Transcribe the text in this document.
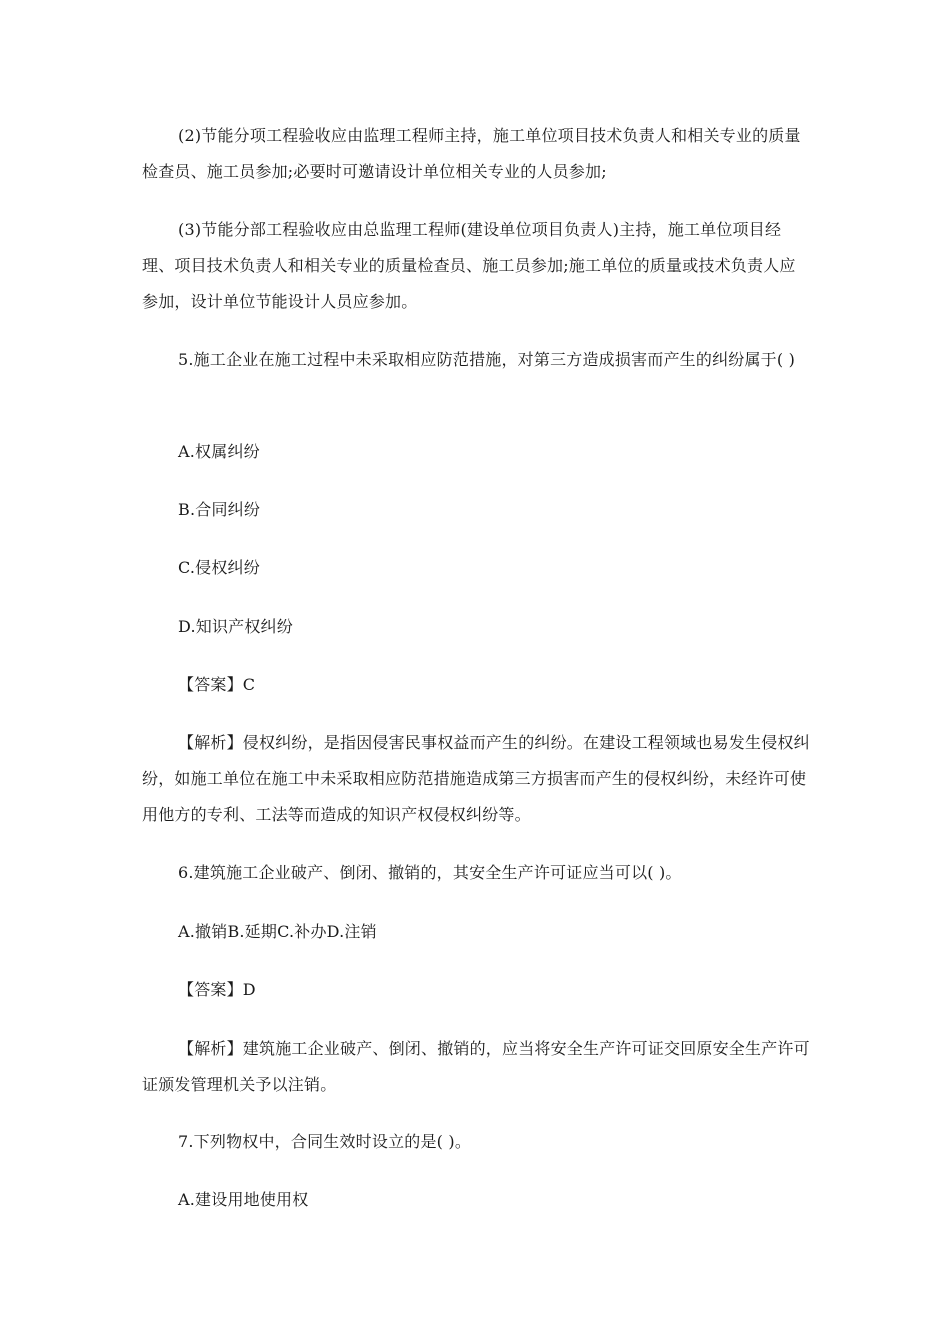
(2)节能分项工程验收应由监理工程师主持，施工单位项目技术负责人和相关专业的质量检查员、施工员参加;必要时可邀请设计单位相关专业的人员参加;

(3)节能分部工程验收应由总监理工程师(建设单位项目负责人)主持，施工单位项目经理、项目技术负责人和相关专业的质量检查员、施工员参加;施工单位的质量或技术负责人应参加，设计单位节能设计人员应参加。

5.施工企业在施工过程中未采取相应防范措施，对第三方造成损害而产生的纠纷属于( )

A.权属纠纷

B.合同纠纷

C.侵权纠纷

D.知识产权纠纷

【答案】C

【解析】侵权纠纷，是指因侵害民事权益而产生的纠纷。在建设工程领域也易发生侵权纠纷，如施工单位在施工中未采取相应防范措施造成第三方损害而产生的侵权纠纷，未经许可使用他方的专利、工法等而造成的知识产权侵权纠纷等。

6.建筑施工企业破产、倒闭、撤销的，其安全生产许可证应当可以( )。

A.撤销B.延期C.补办D.注销

【答案】D

【解析】建筑施工企业破产、倒闭、撤销的，应当将安全生产许可证交回原安全生产许可证颁发管理机关予以注销。

7.下列物权中，合同生效时设立的是( )。

A.建设用地使用权
